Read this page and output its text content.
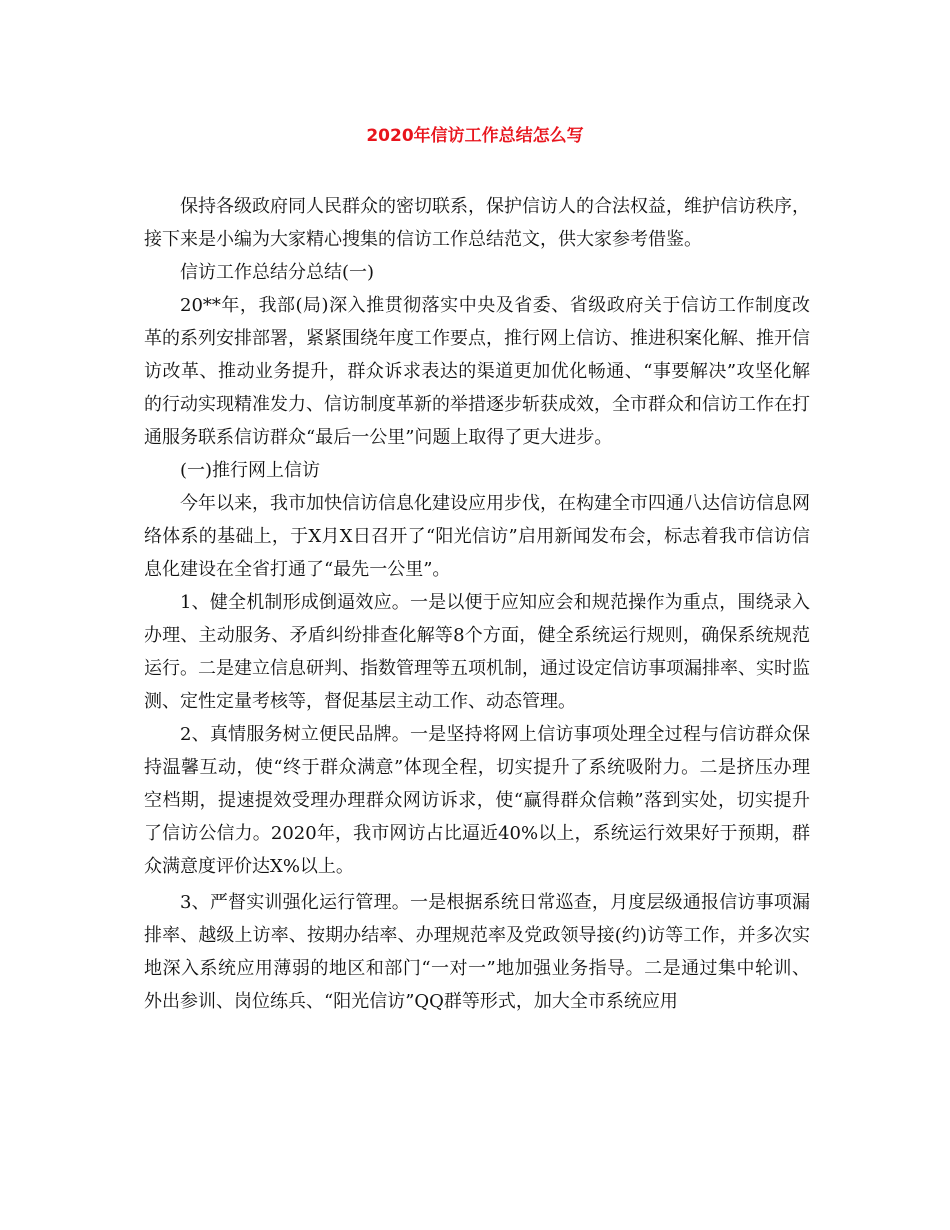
2020年信访工作总结怎么写

保持各级政府同人民群众的密切联系，保护信访人的合法权益，维护信访秩序，接下来是小编为大家精心搜集的信访工作总结范文，供大家参考借鉴。

信访工作总结分总结(一)

20**年，我部(局)深入推贯彻落实中央及省委、省级政府关于信访工作制度改革的系列安排部署，紧紧围绕年度工作要点，推行网上信访、推进积案化解、推开信访改革、推动业务提升，群众诉求表达的渠道更加优化畅通、“事要解决”攻坚化解的行动实现精准发力、信访制度革新的举措逐步斩获成效，全市群众和信访工作在打通服务联系信访群众“最后一公里”问题上取得了更大进步。

(一)推行网上信访

今年以来，我市加快信访信息化建设应用步伐，在构建全市四通八达信访信息网络体系的基础上，于X月X日召开了“阳光信访”启用新闻发布会，标志着我市信访信息化建设在全省打通了“最先一公里”。

1、健全机制形成倒逼效应。一是以便于应知应会和规范操作为重点，围绕录入办理、主动服务、矛盾纠纷排查化解等8个方面，健全系统运行规则，确保系统规范运行。二是建立信息研判、指数管理等五项机制，通过设定信访事项漏排率、实时监测、定性定量考核等，督促基层主动工作、动态管理。

2、真情服务树立便民品牌。一是坚持将网上信访事项处理全过程与信访群众保持温馨互动，使“终于群众满意”体现全程，切实提升了系统吸附力。二是挤压办理空档期，提速提效受理办理群众网访诉求，使“赢得群众信赖”落到实处，切实提升了信访公信力。2020年，我市网访占比逼近40%以上，系统运行效果好于预期，群众满意度评价达X%以上。

3、严督实训强化运行管理。一是根据系统日常巡查，月度层级通报信访事项漏排率、越级上访率、按期办结率、办理规范率及党政领导接(约)访等工作，并多次实地深入系统应用薄弱的地区和部门“一对一”地加强业务指导。二是通过集中轮训、外出参训、岗位练兵、“阳光信访”QQ群等形式，加大全市系统应用
